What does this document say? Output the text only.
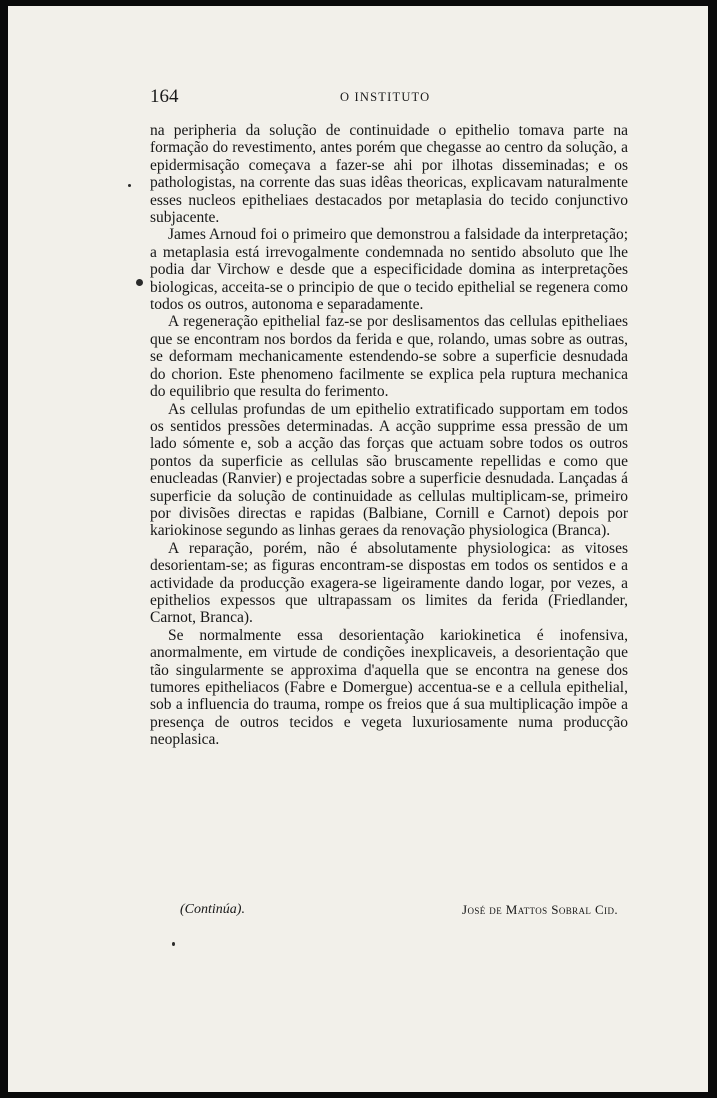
164	O INSTITUTO

na peripheria da solução de continuidade o epithelio tomava parte na formação do revestimento, antes porém que chegasse ao centro da solução, a epidermisação começava a fazer-se ahi por ilhotas disseminadas; e os pathologistas, na corrente das suas idêas theoricas, explicavam naturalmente esses nucleos epitheliaes destacados por metaplasia do tecido conjunctivo subjacente.

James Arnoud foi o primeiro que demonstrou a falsidade da interpretação; a metaplasia está irrevogalmente condemnada no sentido absoluto que lhe podia dar Virchow e desde que a especificidade domina as interpretações biologicas, acceita-se o principio de que o tecido epithelial se regenera como todos os outros, autonoma e separadamente.

A regeneração epithelial faz-se por deslisamentos das cellulas epitheliaes que se encontram nos bordos da ferida e que, rolando, umas sobre as outras, se deformam mechanicamente estendendo-se sobre a superficie desnudada do chorion. Este phenomeno facilmente se explica pela ruptura mechanica do equilibrio que resulta do ferimento.

As cellulas profundas de um epithelio extratificado supportam em todos os sentidos pressões determinadas. A acção supprime essa pressão de um lado sómente e, sob a acção das forças que actuam sobre todos os outros pontos da superficie as cellulas são bruscamente repellidas e como que enucleadas (Ranvier) e projectadas sobre a superficie desnudada. Lançadas á superficie da solução de continuidade as cellulas multiplicam-se, primeiro por divisões directas e rapidas (Balbiane, Cornill e Carnot) depois por kariokinose segundo as linhas geraes da renovação physiologica (Branca).

A reparação, porém, não é absolutamente physiologica: as vitoses desorientam-se; as figuras encontram-se dispostas em todos os sentidos e a actividade da producção exagera-se ligeiramente dando logar, por vezes, a epithelios expessos que ultrapassam os limites da ferida (Friedlander, Carnot, Branca).

Se normalmente essa desorientação kariokinetica é inofensiva, anormalmente, em virtude de condições inexplicaveis, a desorientação que tão singularmente se approxima d'aquella que se encontra na genese dos tumores epitheliacos (Fabre e Domergue) accentua-se e a cellula epithelial, sob a influencia do trauma, rompe os freios que á sua multiplicação impõe a presença de outros tecidos e vegeta luxuriosamente numa producção neoplasica.

(Continúa).	José de Mattos Sobral Cid.
